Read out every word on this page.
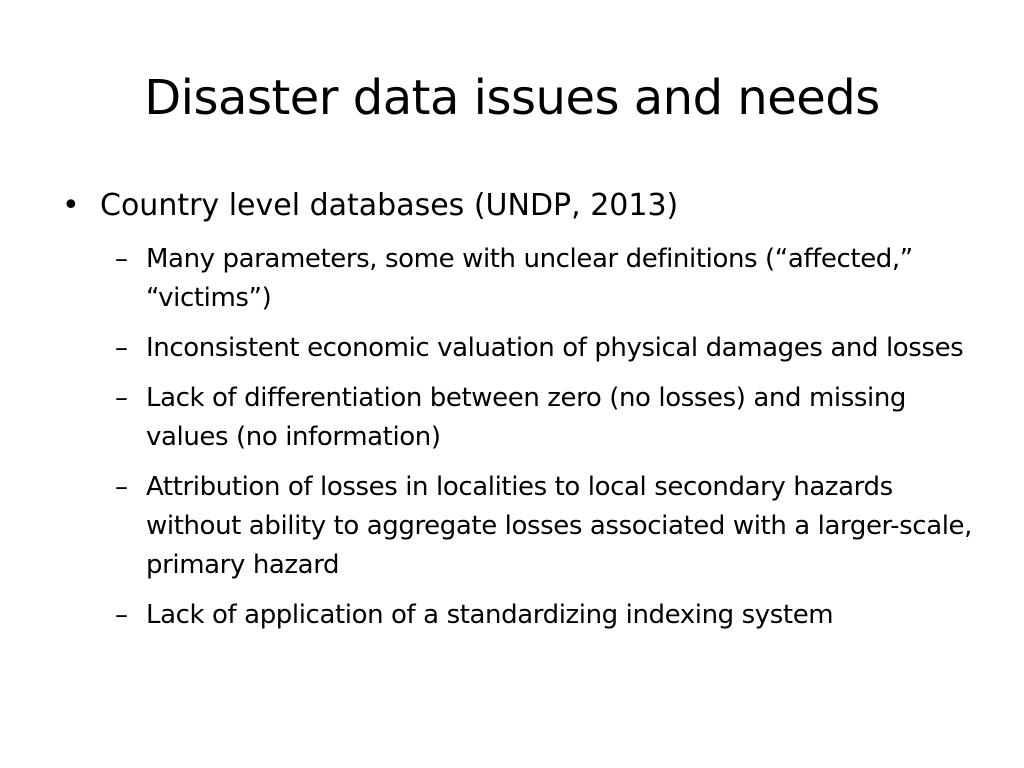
Disaster data issues and needs
• Country level databases (UNDP, 2013)
– Many parameters, some with unclear definitions (“affected,” “victims”)
– Inconsistent economic valuation of physical damages and losses
– Lack of differentiation between zero (no losses) and missing values (no information)
– Attribution of losses in localities to local secondary hazards without ability to aggregate losses associated with a larger-scale, primary hazard
– Lack of application of a standardizing indexing system
